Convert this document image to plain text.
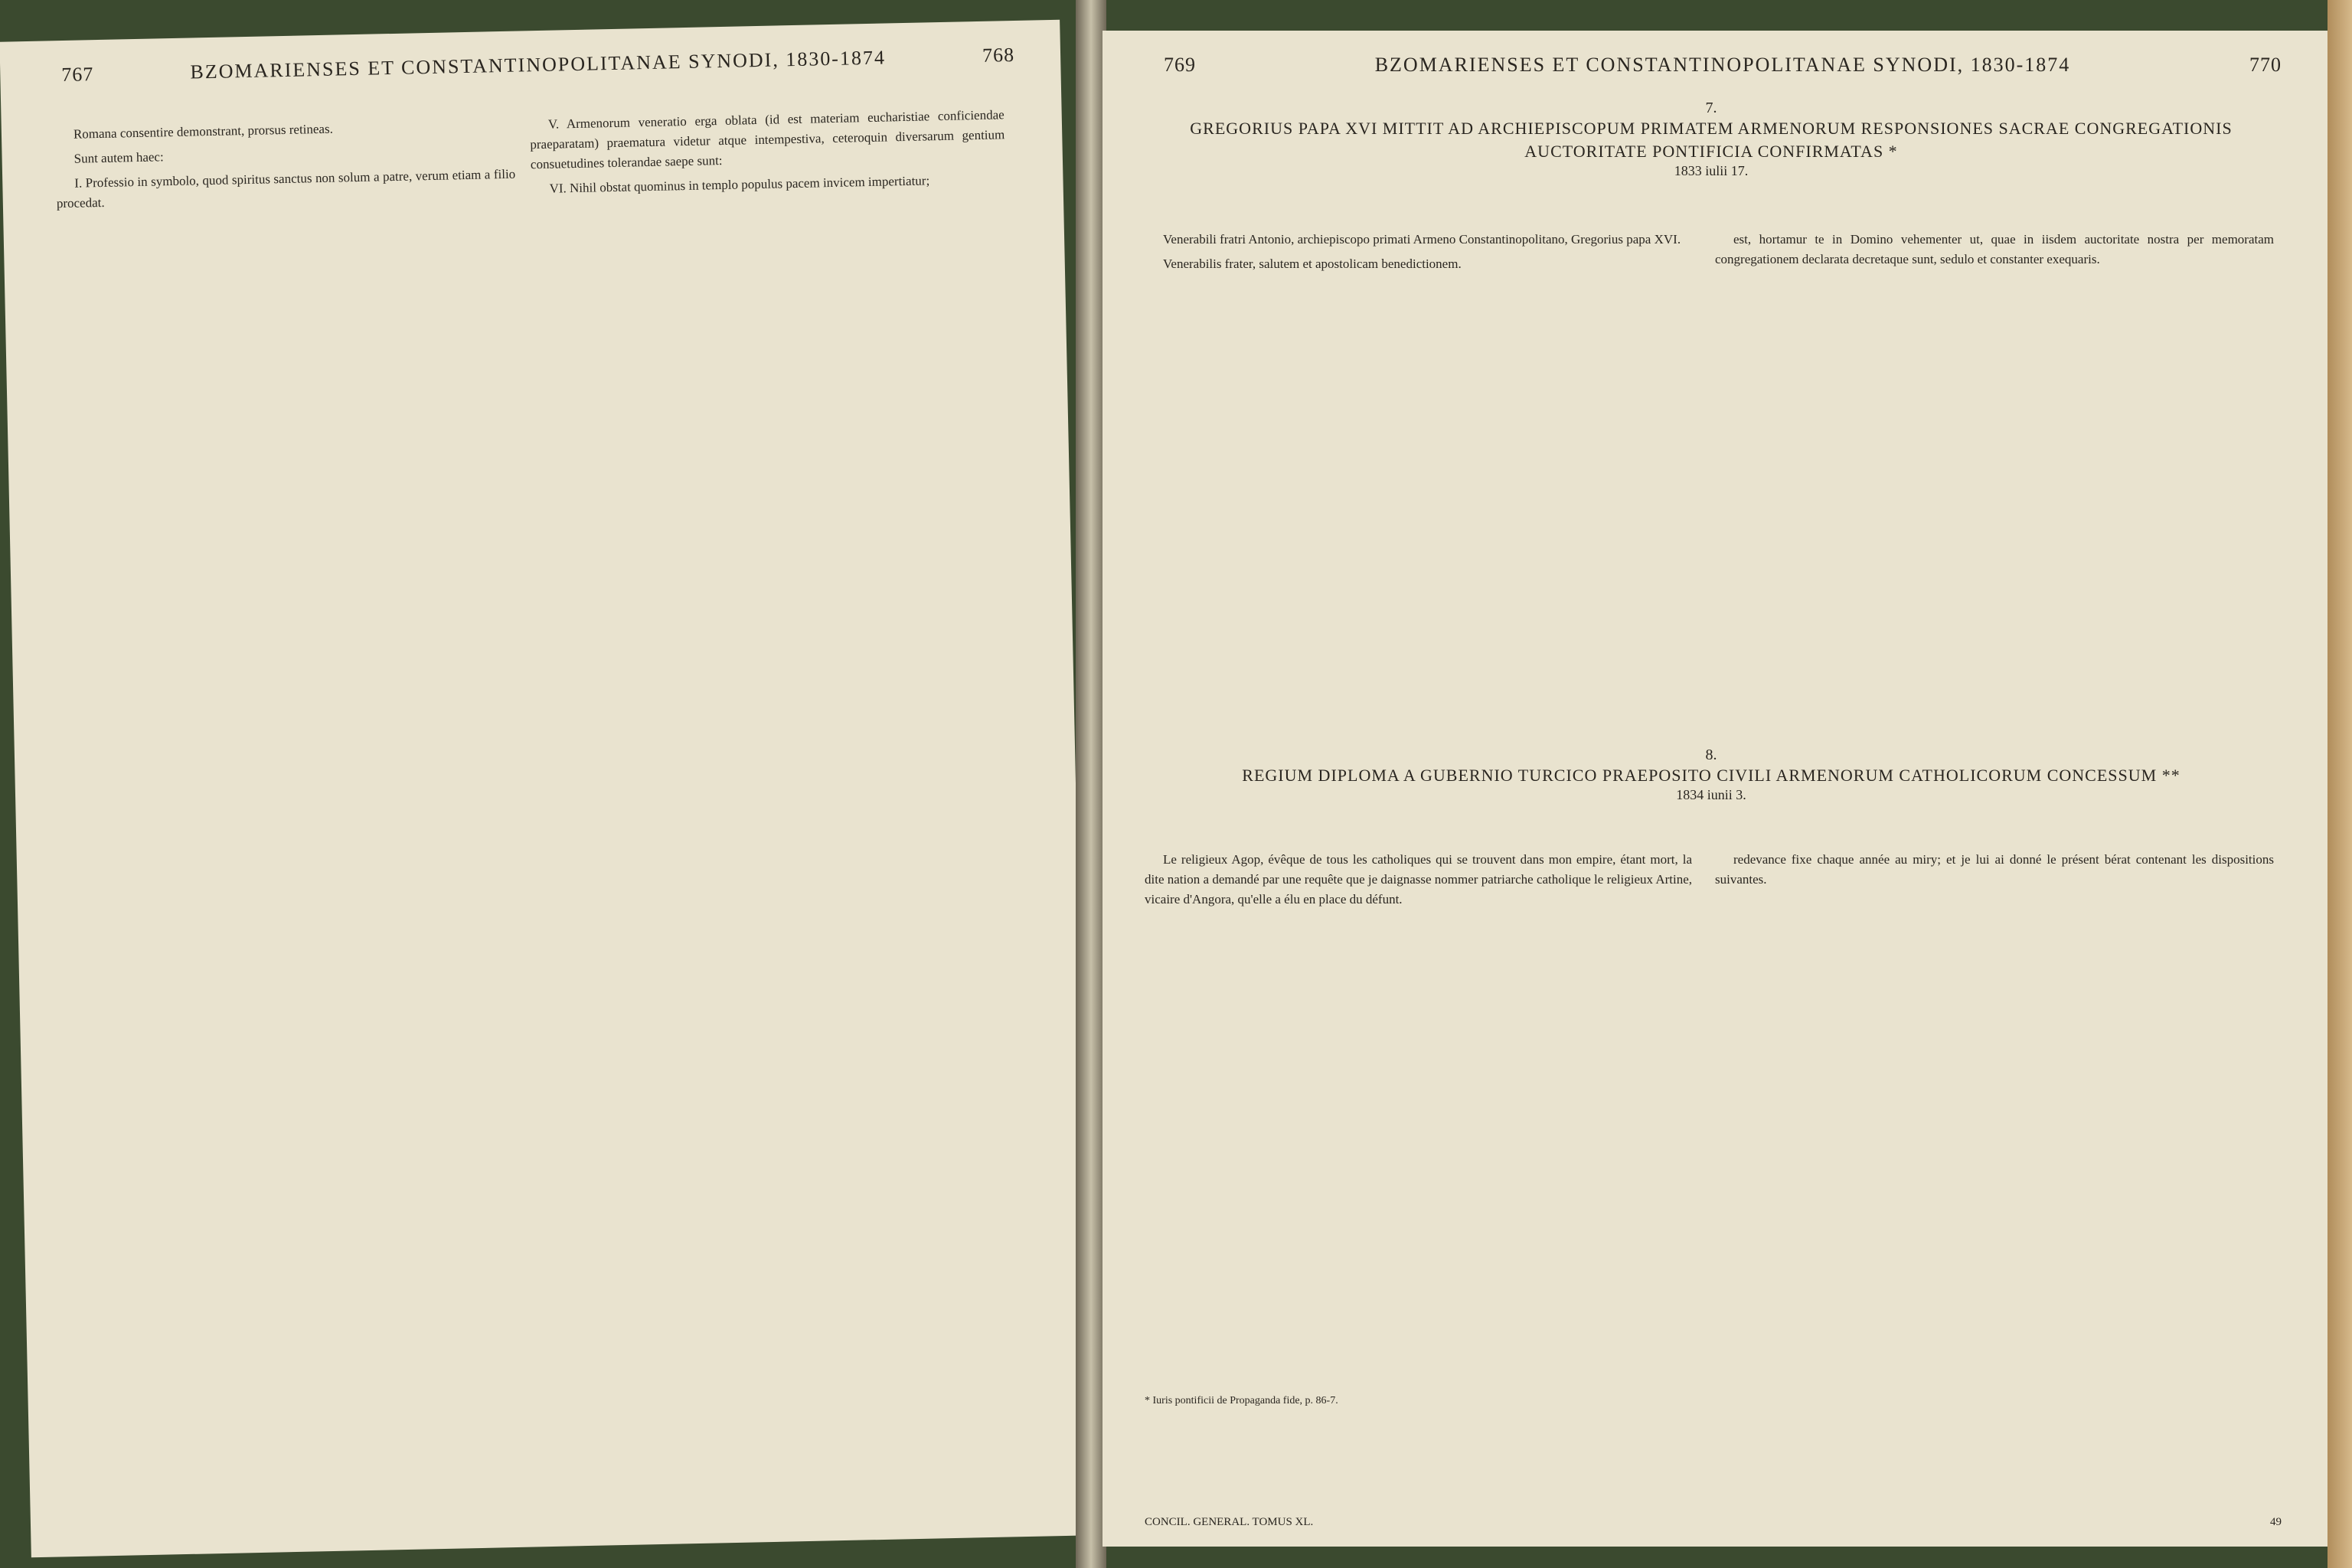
767	BZOMARIENSES ET CONSTANTINOPOLITANAE SYNODI, 1830-1874	768

Romana consentire demonstrant, prorsus retineas.

Sunt autem haec:

I. Professio in symbolo, quod spiritus sanctus non solum a patre, verum etiam a filio procedat.

V. Armenorum veneratio erga oblata (id est materiam eucharistiae conficiendae praeparatam) praematura videtur atque intempestiva, ceteroquin diversarum gentium consuetudines tolerandae saepe sunt:

VI. Nihil obstat quominus in templo populus pacem invicem impertiatur;

769	BZOMARIENSES ET CONSTANTINOPOLITANAE SYNODI, 1830-1874	770
7.
GREGORIUS PAPA XVI MITTIT AD ARCHIEPISCOPUM PRIMATEM ARMENORUM RESPONSIONES SACRAE CONGREGATIONIS AUCTORITATE PONTIFICIA CONFIRMATAS *
1833 iulii 17.

Venerabili fratri Antonio, archiepiscopo primati Armeno Constantinopolitano, Gregorius papa XVI.

Venerabilis frater, salutem et apostolicam benedictionem.

est, hortamur te in Domino vehementer ut, quae in iisdem auctoritate nostra per memoratam congregationem declarata decretaque sunt, sedulo et constanter exequaris.

8.
REGIUM DIPLOMA A GUBERNIO TURCICO PRAEPOSITO CIVILI ARMENORUM CATHOLICORUM CONCESSUM **
1834 iunii 3.

Le religieux Agop, évêque de tous les catholiques qui se trouvent dans mon empire, étant mort, la dite nation a demandé par une requête que je daignasse nommer patriarche catholique le religieux Artine, vicaire d'Angora, qu'elle a élu en place du défunt.

redevance fixe chaque année au miry; et je lui ai donné le présent bérat contenant les dispositions suivantes.

* Iuris pontificii de Propaganda fide, p. 86-7.
CONCIL. GENERAL. TOMUS XL.	49
